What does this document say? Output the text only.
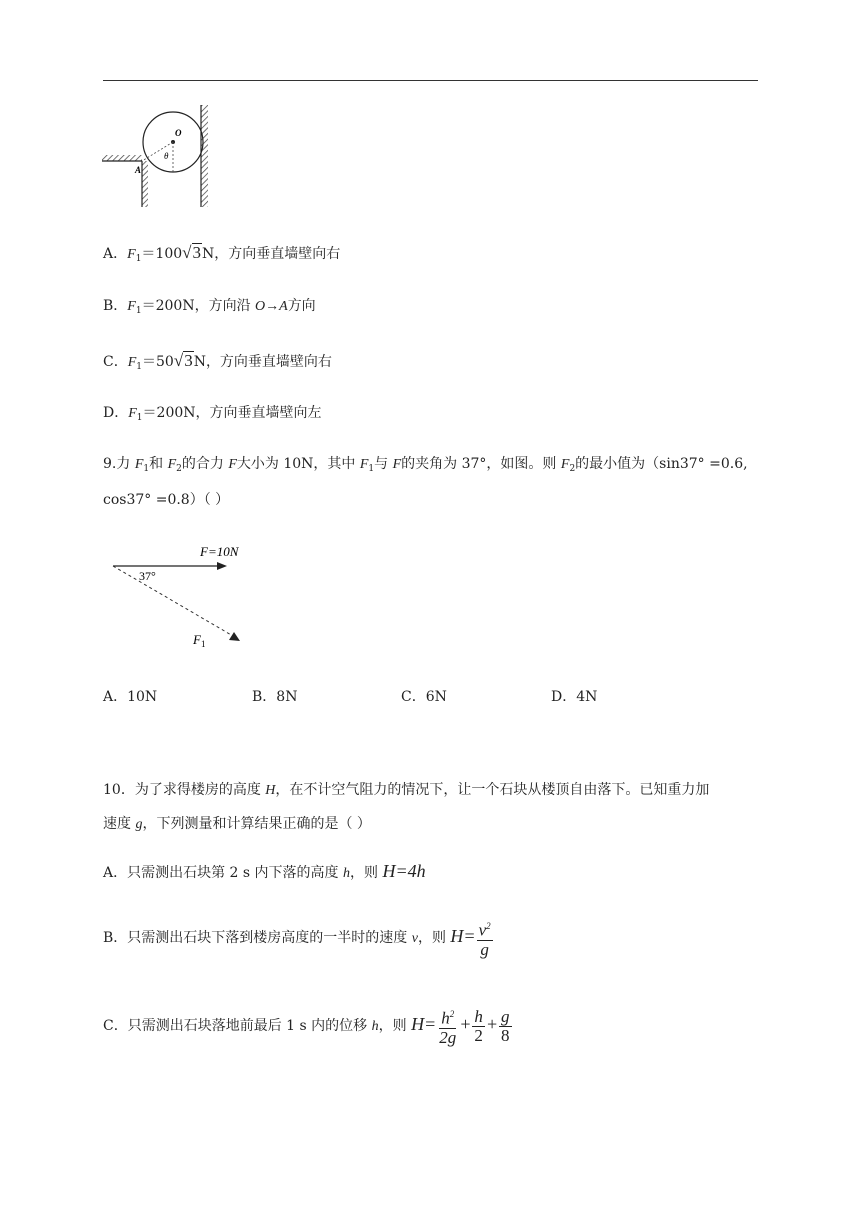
O
θ
A
A．$F_1=100√3N$，方向垂直墙壁向右
B．$F_1=200N$，方向沿 O→A方向
C．$F_1=50√3N$，方向垂直墙壁向右
D．$F_1=200N$，方向垂直墙壁向左
9.力 $F_1$和 $F_2$的合力 F大小为 10N，其中 $F_1$与 F的夹角为 37°，如图。则 $F_2$的最小值为（sin37° =0.6,
cos37° =0.8）（ ）
F=10N
37°
$F_1$
A．10N	B．8N	C．6N	D．4N
10．为了求得楼房的高度 H，在不计空气阻力的情况下，让一个石块从楼顶自由落下。已知重力加
速度 g，下列测量和计算结果正确的是（ ）
A．只需测出石块第 2 s 内下落的高度 h，则 H=4h
B．只需测出石块下落到楼房高度的一半时的速度 v，则 $H= \frac{v^2}{g}$
C．只需测出石块落地前最后 1 s 内的位移 h，则 $H= \frac{h^2}{2g} + \frac{h}{2} + \frac{g}{8}$
